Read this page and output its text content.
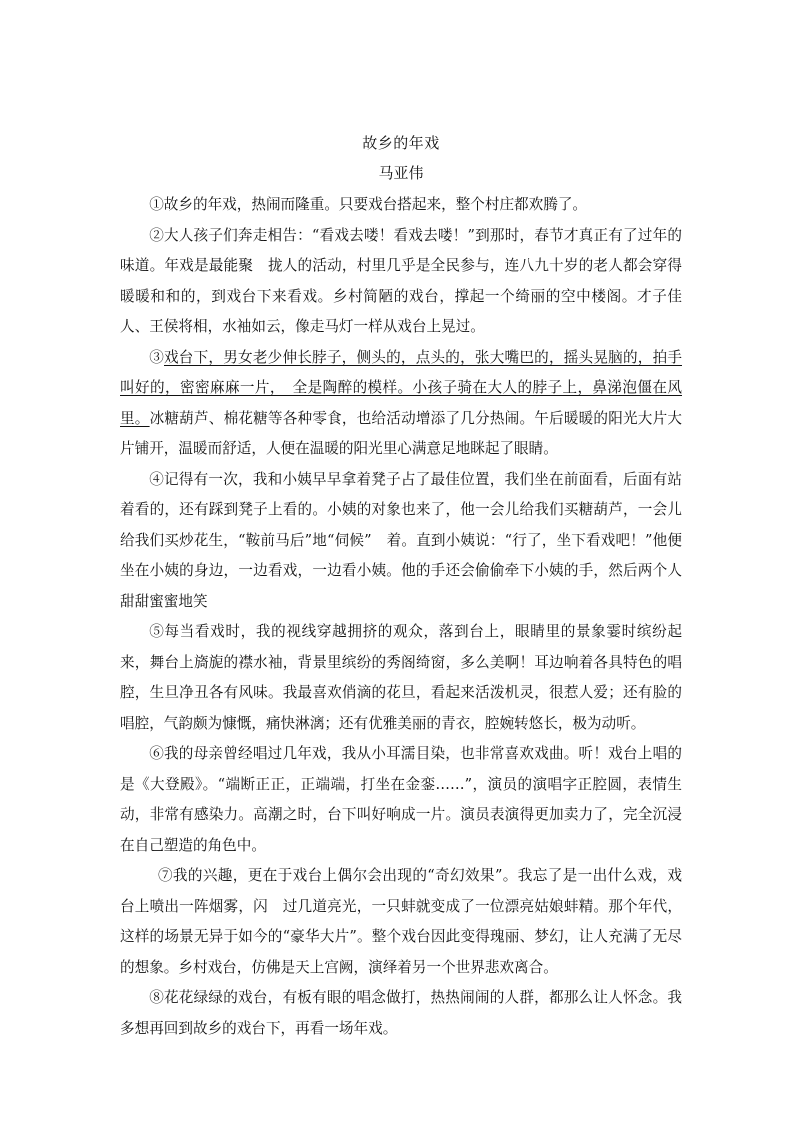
故乡的年戏
马亚伟

①故乡的年戏，热闹而隆重。只要戏台搭起来，整个村庄都欢腾了。

②大人孩子们奔走相告：“看戏去喽！看戏去喽！”到那时，春节才真正有了过年的味道。年戏是最能聚　拢人的活动，村里几乎是全民参与，连八九十岁的老人都会穿得暖暖和和的，到戏台下来看戏。乡村简陋的戏台，撑起一个绮丽的空中楼阁。才子佳人、王侯将相，水袖如云，像走马灯一样从戏台上晃过。

③戏台下，男女老少伸长脖子，侧头的，点头的，张大嘴巴的，摇头晃脑的，拍手叫好的，密密麻麻一片，　全是陶醉的模样。小孩子骑在大人的脖子上，鼻涕泡僵在风里。冰糖葫芦、棉花糖等各种零食，也给活动增添了几分热闹。午后暖暖的阳光大片大片铺开，温暖而舒适，人便在温暖的阳光里心满意足地眯起了眼睛。

④记得有一次，我和小姨早早拿着凳子占了最佳位置，我们坐在前面看，后面有站着看的，还有踩到凳子上看的。小姨的对象也来了，他一会儿给我们买糖葫芦，一会儿给我们买炒花生，“鞍前马后”地“伺候”　着。直到小姨说：“行了，坐下看戏吧！”他便坐在小姨的身边，一边看戏，一边看小姨。他的手还会偷偷牵下小姨的手，然后两个人甜甜蜜蜜地笑

⑤每当看戏时，我的视线穿越拥挤的观众，落到台上，眼睛里的景象霎时缤纷起来，舞台上旖旎的襟水袖，背景里缤纷的秀阁绮窗，多么美啊！耳边响着各具特色的唱腔，生旦净丑各有风味。我最喜欢俏滴的花旦，看起来活泼机灵，很惹人爱；还有脸的唱腔，气韵颇为慷慨，痛快淋漓；还有优雅美丽的青衣，腔婉转悠长，极为动听。

⑥我的母亲曾经唱过几年戏，我从小耳濡目染，也非常喜欢戏曲。听！戏台上唱的是《大登殿》。“端断正正，正端端，打坐在金銮……”，演员的演唱字正腔圆，表情生动，非常有感染力。高潮之时，台下叫好响成一片。演员表演得更加卖力了，完全沉浸在自己塑造的角色中。

⑦我的兴趣，更在于戏台上偶尔会出现的“奇幻效果”。我忘了是一出什么戏，戏台上喷出一阵烟雾，闪　过几道亮光，一只蚌就变成了一位漂亮姑娘蚌精。那个年代，这样的场景无异于如今的“豪华大片”。整个戏台因此变得瑰丽、梦幻，让人充满了无尽的想象。乡村戏台，仿佛是天上宫阙，演绎着另一个世界悲欢离合。

⑧花花绿绿的戏台，有板有眼的唱念做打，热热闹闹的人群，都那么让人怀念。我多想再回到故乡的戏台下，再看一场年戏。
